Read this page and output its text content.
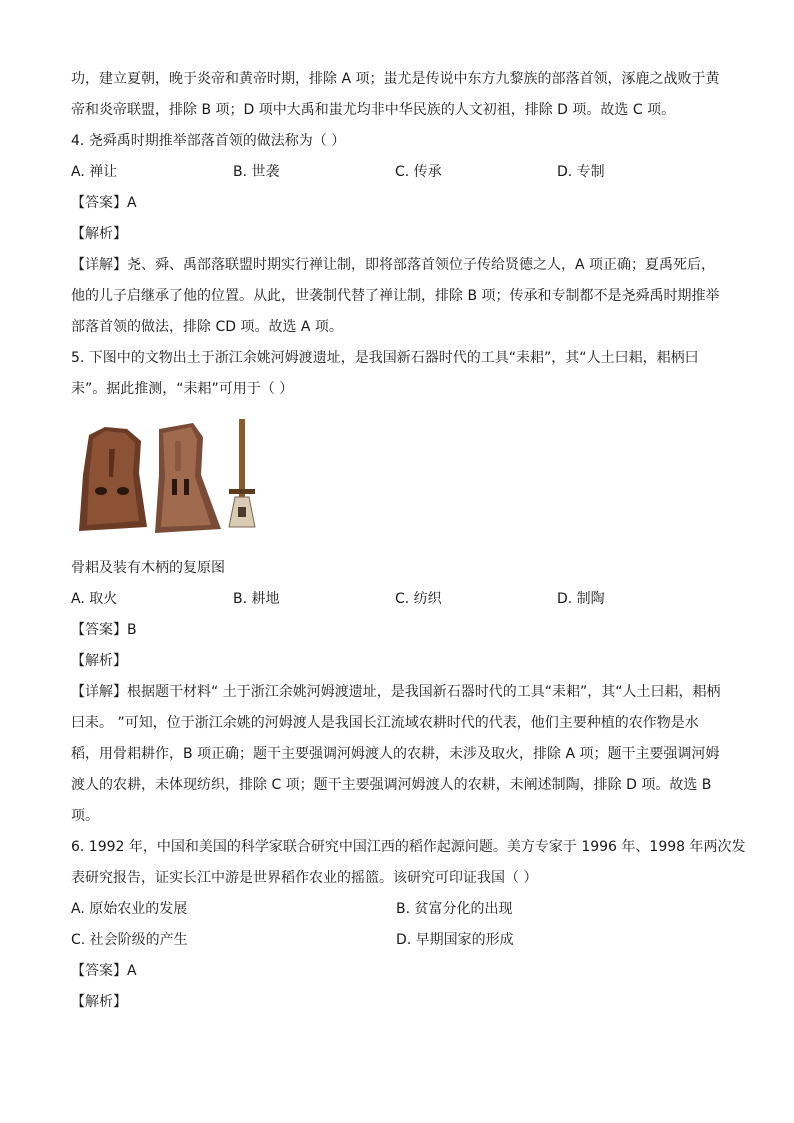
功，建立夏朝，晚于炎帝和黄帝时期，排除 A 项；蚩尤是传说中东方九黎族的部落首领，涿鹿之战败于黄
帝和炎帝联盟，排除 B 项；D 项中大禹和蚩尤均非中华民族的人文初祖，排除 D 项。故选 C 项。
4. 尧舜禹时期推举部落首领的做法称为（ ）
A. 禅让	B. 世袭	C. 传承	D. 专制
【答案】A
【解析】
【详解】尧、舜、禹部落联盟时期实行禅让制，即将部落首领位子传给贤德之人，A 项正确；夏禹死后，
他的儿子启继承了他的位置。从此，世袭制代替了禅让制，排除 B 项；传承和专制都不是尧舜禹时期推举
部落首领的做法，排除 CD 项。故选 A 项。
5. 下图中的文物出土于浙江余姚河姆渡遗址，是我国新石器时代的工具“耒耜”，其“人土曰耜，耜柄曰
耒”。据此推测，“耒耜”可用于（ ）
骨耜及装有木柄的复原图
A. 取火	B. 耕地	C. 纺织	D. 制陶
【答案】B
【解析】
【详解】根据题干材料“ 土于浙江余姚河姆渡遗址，是我国新石器时代的工具“耒耜”，其“人土曰耜，耜柄
曰耒。 ”可知，位于浙江余姚的河姆渡人是我国长江流域农耕时代的代表，他们主要种植的农作物是水
稻，用骨耜耕作，B 项正确；题干主要强调河姆渡人的农耕，未涉及取火，排除 A 项；题干主要强调河姆
渡人的农耕，未体现纺织，排除 C 项；题干主要强调河姆渡人的农耕，未阐述制陶，排除 D 项。故选 B
项。
6. 1992 年，中国和美国的科学家联合研究中国江西的稻作起源问题。美方专家于 1996 年、1998 年两次发
表研究报告，证实长江中游是世界稻作农业的摇篮。该研究可印证我国（ ）
A. 原始农业的发展	B. 贫富分化的出现
C. 社会阶级的产生	D. 早期国家的形成
【答案】A
【解析】
